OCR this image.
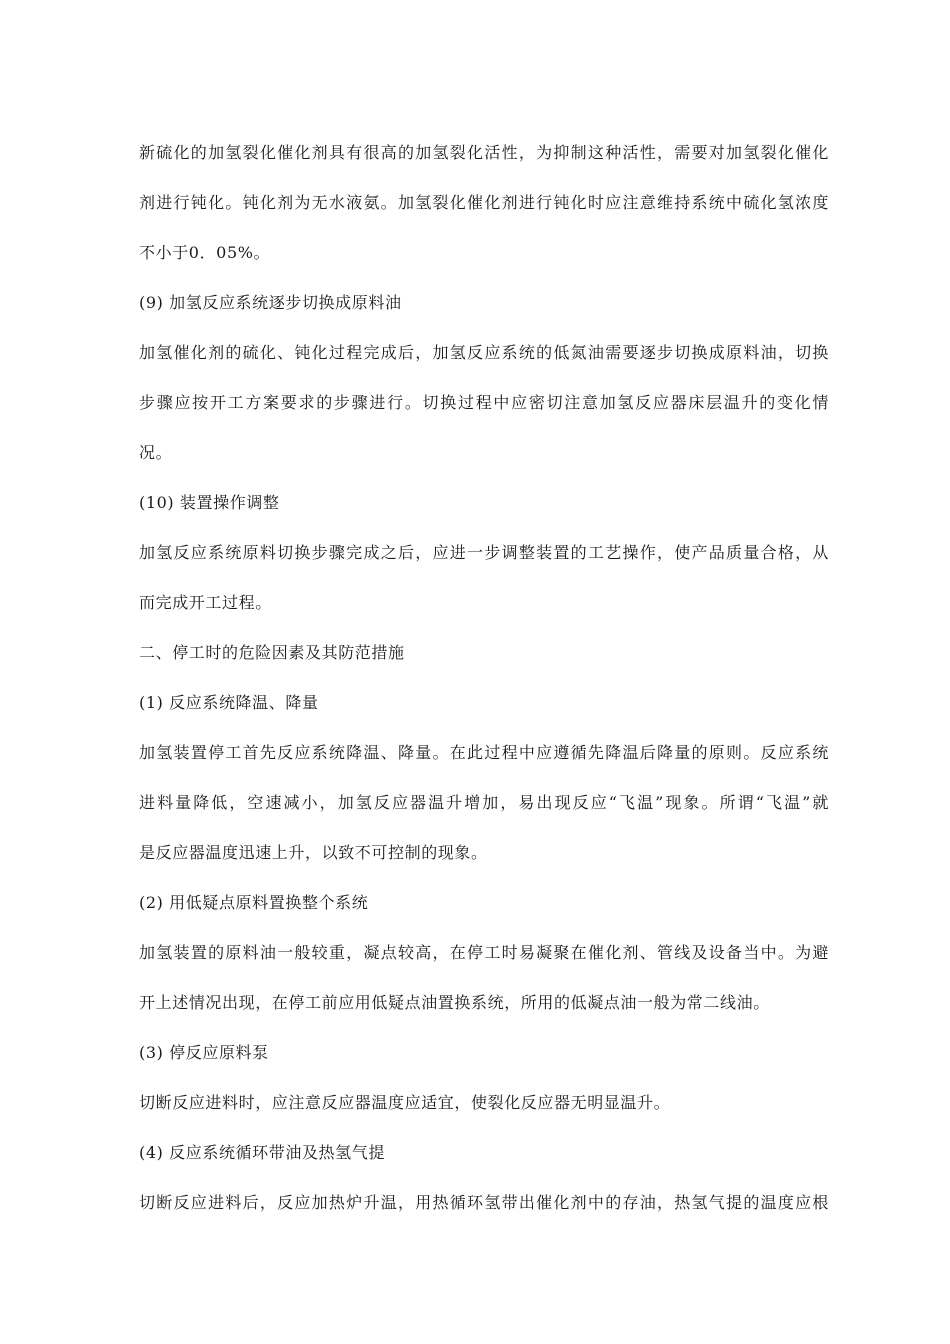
新硫化的加氢裂化催化剂具有很高的加氢裂化活性，为抑制这种活性，需要对加氢裂化催化
剂进行钝化。钝化剂为无水液氨。加氢裂化催化剂进行钝化时应注意维持系统中硫化氢浓度
不小于0．05%。
(9) 加氢反应系统逐步切换成原料油
加氢催化剂的硫化、钝化过程完成后，加氢反应系统的低氮油需要逐步切换成原料油，切换
步骤应按开工方案要求的步骤进行。切换过程中应密切注意加氢反应器床层温升的变化情
况。
(10) 装置操作调整
加氢反应系统原料切换步骤完成之后，应进一步调整装置的工艺操作，使产品质量合格，从
而完成开工过程。
二、停工时的危险因素及其防范措施
(1) 反应系统降温、降量
加氢装置停工首先反应系统降温、降量。在此过程中应遵循先降温后降量的原则。反应系统
进料量降低，空速减小，加氢反应器温升增加，易出现反应“飞温”现象。所谓“飞温”就
是反应器温度迅速上升，以致不可控制的现象。
(2) 用低疑点原料置换整个系统
加氢装置的原料油一般较重，凝点较高，在停工时易凝聚在催化剂、管线及设备当中。为避
开上述情况出现，在停工前应用低疑点油置换系统，所用的低凝点油一般为常二线油。
(3) 停反应原料泵
切断反应进料时，应注意反应器温度应适宜，使裂化反应器无明显温升。
(4) 反应系统循环带油及热氢气提
切断反应进料后，反应加热炉升温，用热循环氢带出催化剂中的存油，热氢气提的温度应根
